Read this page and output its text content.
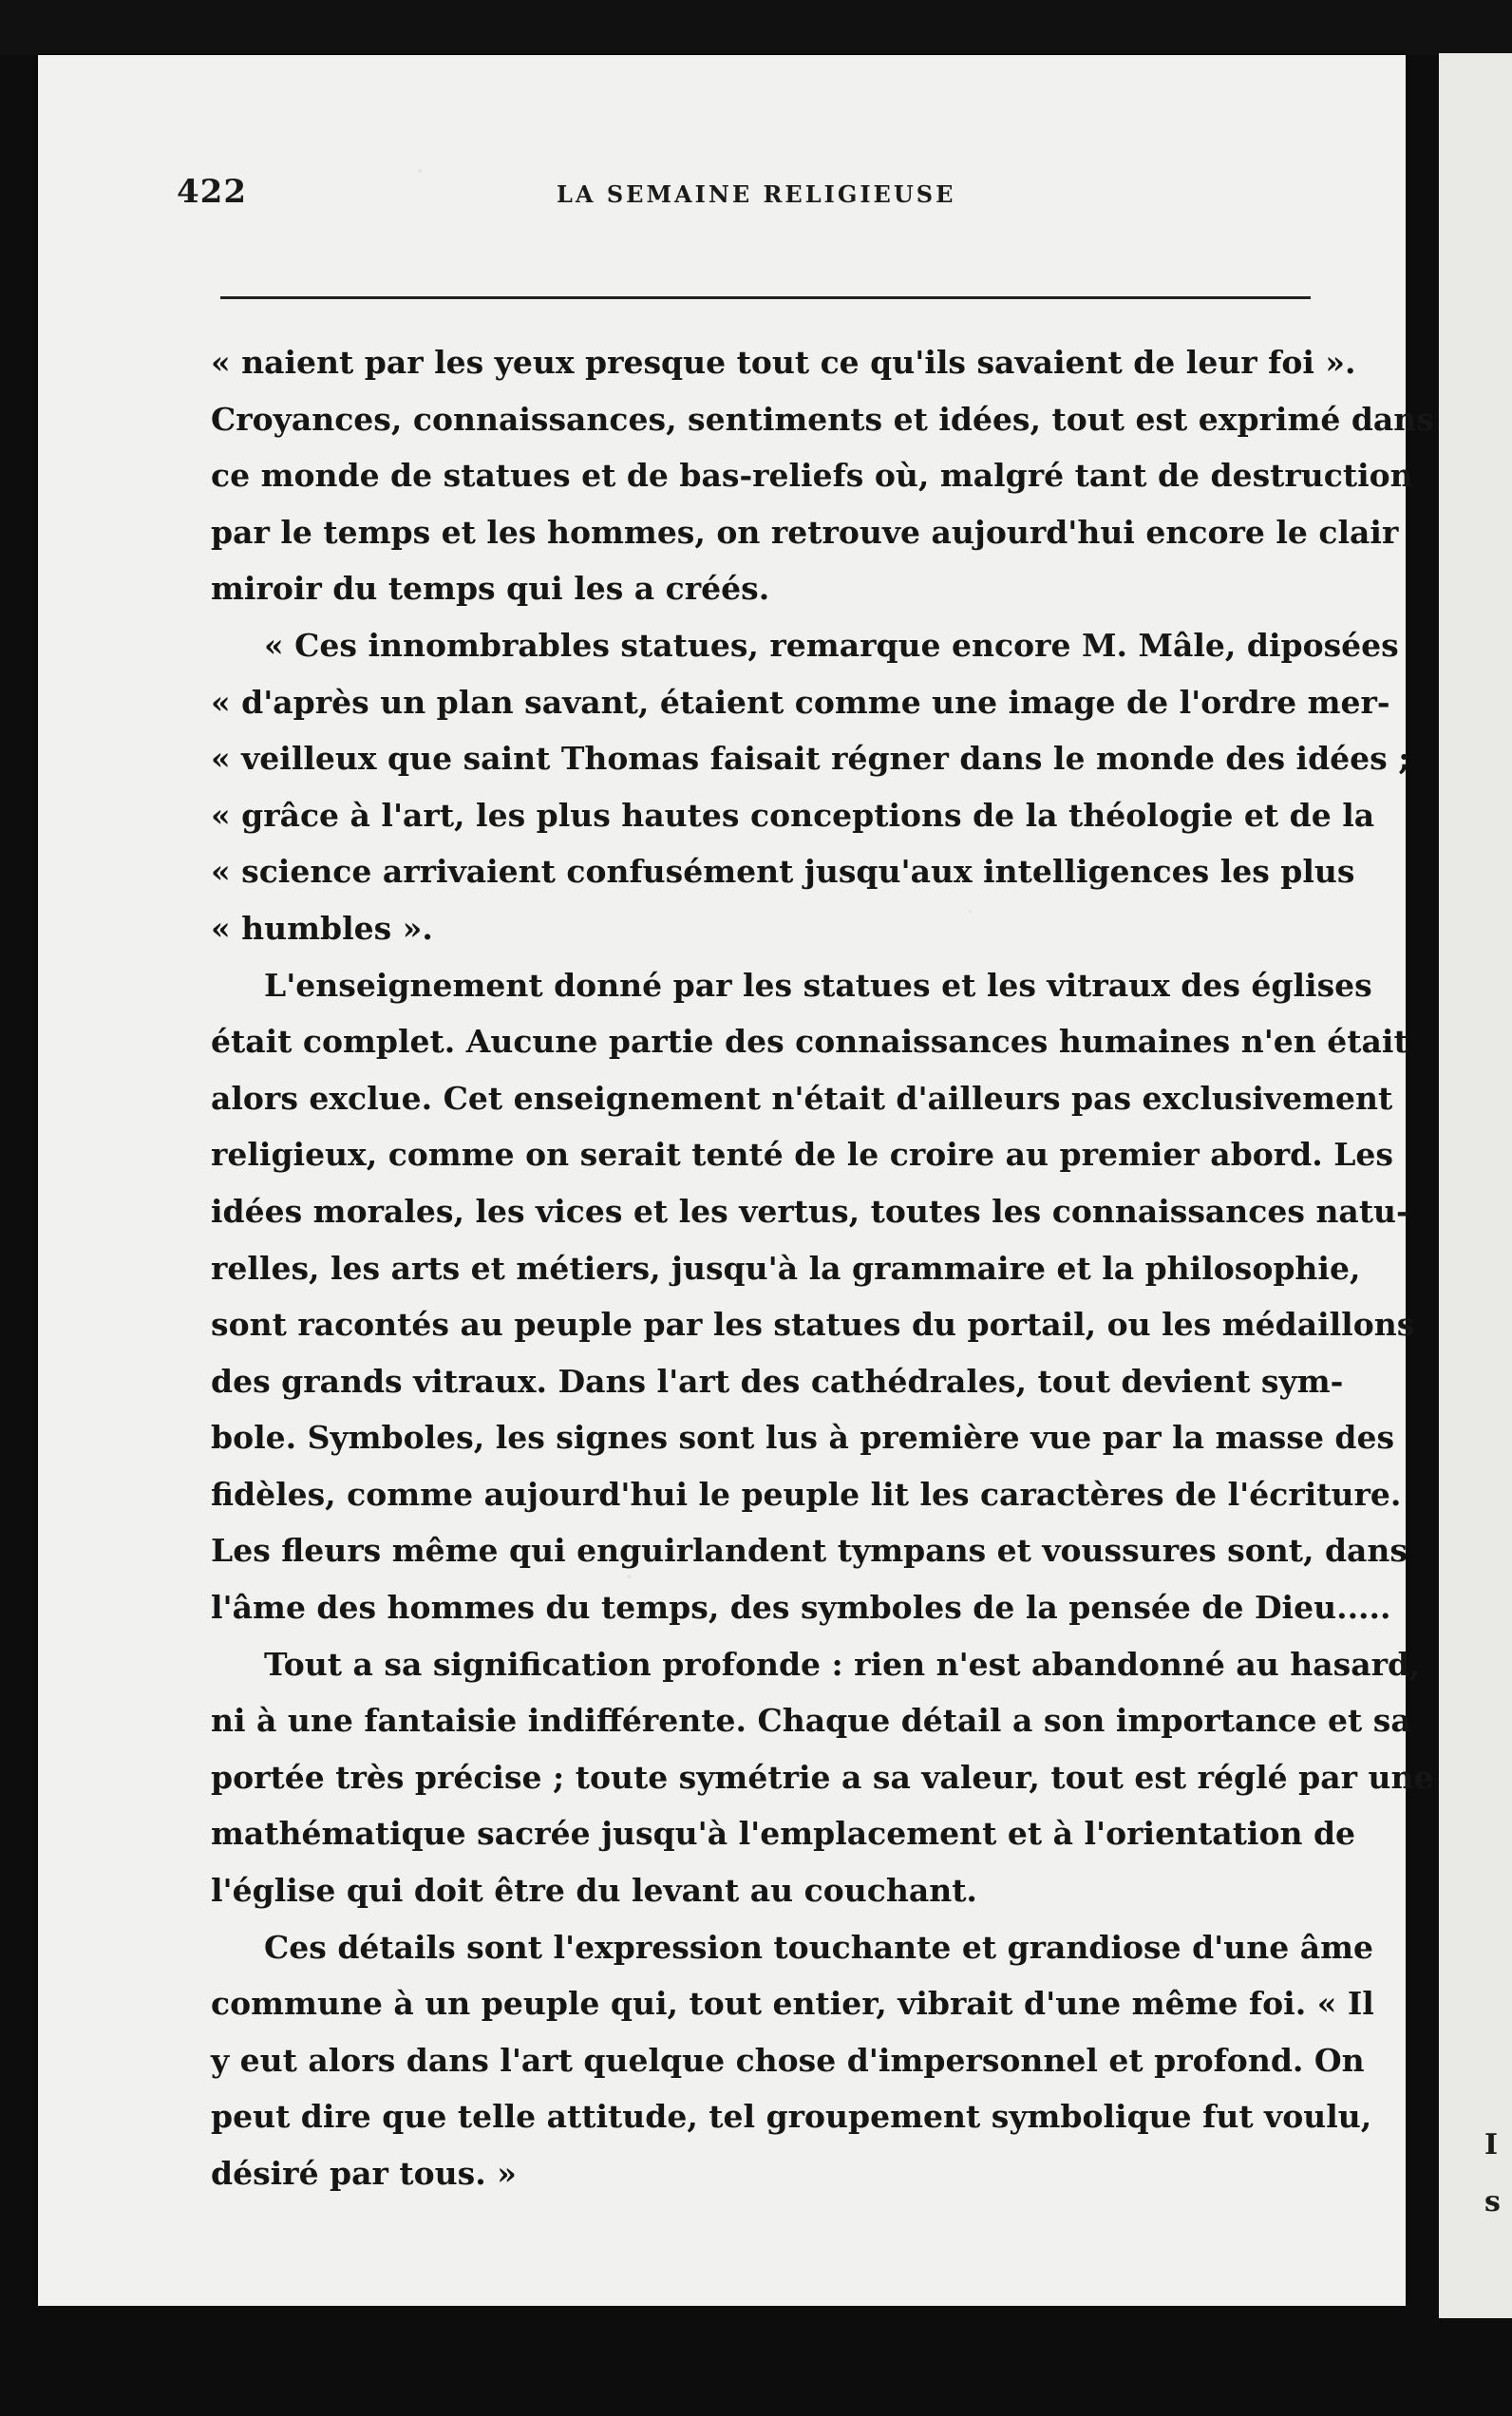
I
s
422	LA SEMAINE RELIGIEUSE
« naient par les yeux presque tout ce qu'ils savaient de leur foi ».
Croyances, connaissances, sentiments et idées, tout est exprimé dans
ce monde de statues et de bas-reliefs où, malgré tant de destruction
par le temps et les hommes, on retrouve aujourd'hui encore le clair
miroir du temps qui les a créés.
« Ces innombrables statues, remarque encore M. Mâle, diposées
« d'après un plan savant, étaient comme une image de l'ordre mer-
« veilleux que saint Thomas faisait régner dans le monde des idées ;
« grâce à l'art, les plus hautes conceptions de la théologie et de la
« science arrivaient confusément jusqu'aux intelligences les plus
« humbles ».
L'enseignement donné par les statues et les vitraux des églises
était complet. Aucune partie des connaissances humaines n'en était
alors exclue. Cet enseignement n'était d'ailleurs pas exclusivement
religieux, comme on serait tenté de le croire au premier abord. Les
idées morales, les vices et les vertus, toutes les connaissances natu-
relles, les arts et métiers, jusqu'à la grammaire et la philosophie,
sont racontés au peuple par les statues du portail, ou les médaillons
des grands vitraux. Dans l'art des cathédrales, tout devient sym-
bole. Symboles, les signes sont lus à première vue par la masse des
fidèles, comme aujourd'hui le peuple lit les caractères de l'écriture.
Les fleurs même qui enguirlandent tympans et voussures sont, dans
l'âme des hommes du temps, des symboles de la pensée de Dieu.....
Tout a sa signification profonde : rien n'est abandonné au hasard,
ni à une fantaisie indifférente. Chaque détail a son importance et sa
portée très précise ; toute symétrie a sa valeur, tout est réglé par une
mathématique sacrée jusqu'à l'emplacement et à l'orientation de
l'église qui doit être du levant au couchant.
Ces détails sont l'expression touchante et grandiose d'une âme
commune à un peuple qui, tout entier, vibrait d'une même foi. « Il
y eut alors dans l'art quelque chose d'impersonnel et profond. On
peut dire que telle attitude, tel groupement symbolique fut voulu,
désiré par tous. »
